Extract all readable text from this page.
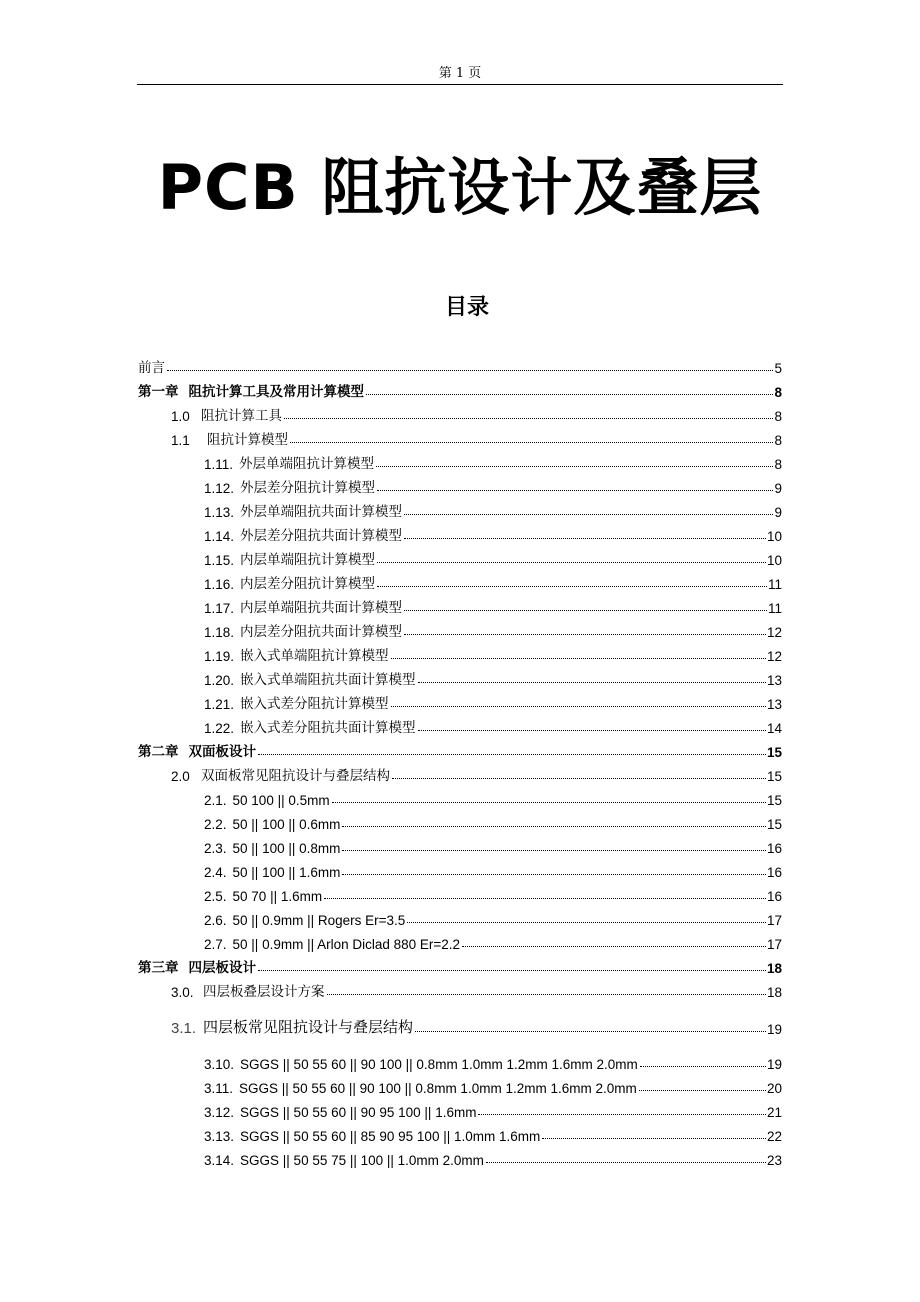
第 1 页
PCB 阻抗设计及叠层
目录
前言	5
第一章 阻抗计算工具及常用计算模型	8
1.0 阻抗计算工具	8
1.1	阻抗计算模型	8
1.11. 外层单端阻抗计算模型	8
1.12. 外层差分阻抗计算模型	9
1.13. 外层单端阻抗共面计算模型	9
1.14. 外层差分阻抗共面计算模型	10
1.15. 内层单端阻抗计算模型	10
1.16. 内层差分阻抗计算模型	11
1.17. 内层单端阻抗共面计算模型	11
1.18. 内层差分阻抗共面计算模型	12
1.19. 嵌入式单端阻抗计算模型	12
1.20. 嵌入式单端阻抗共面计算模型	13
1.21. 嵌入式差分阻抗计算模型	13
1.22. 嵌入式差分阻抗共面计算模型	14
第二章 双面板设计	15
2.0 双面板常见阻抗设计与叠层结构	15
2.1. 50 100 || 0.5mm	15
2.2. 50 || 100 || 0.6mm	15
2.3. 50 || 100 || 0.8mm	16
2.4. 50 || 100 || 1.6mm	16
2.5. 50 70 || 1.6mm	16
2.6. 50 || 0.9mm || Rogers Er=3.5	17
2.7. 50 || 0.9mm || Arlon Diclad 880 Er=2.2	17
第三章 四层板设计	18
3.0. 四层板叠层设计方案	18
3.1. 四层板常见阻抗设计与叠层结构	19
3.10. SGGS || 50 55 60 || 90 100 || 0.8mm 1.0mm 1.2mm 1.6mm 2.0mm	19
3.11. SGGS || 50 55 60 || 90 100 || 0.8mm 1.0mm 1.2mm 1.6mm 2.0mm	20
3.12. SGGS || 50 55 60 || 90 95 100 || 1.6mm	21
3.13. SGGS || 50 55 60 || 85 90 95 100 || 1.0mm 1.6mm	22
3.14. SGGS || 50 55 75 || 100 || 1.0mm 2.0mm	23
